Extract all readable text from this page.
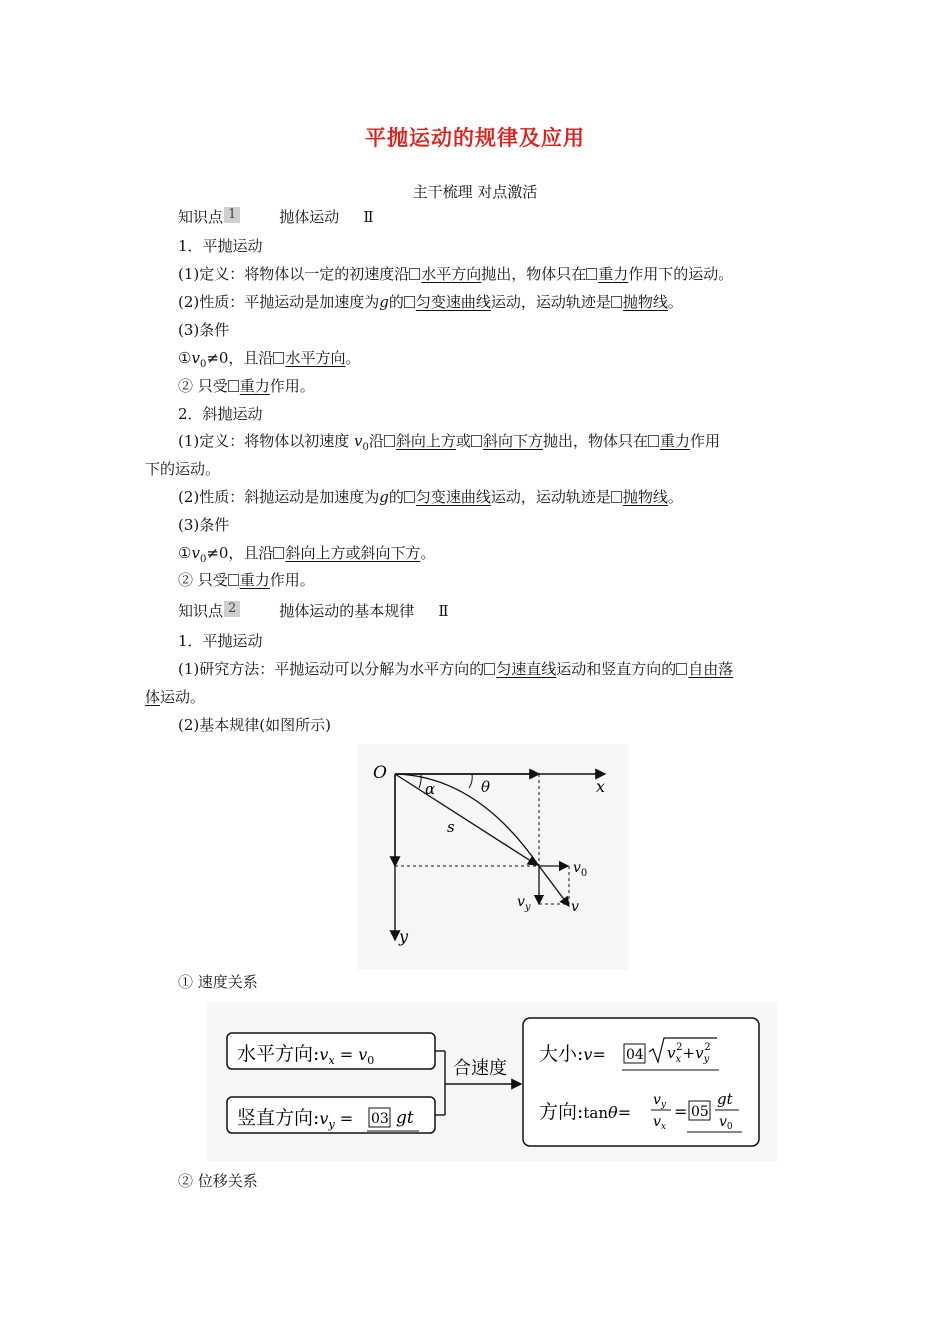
平抛运动的规律及应用
主干梳理 对点激活
知识点 1	抛体运动 Ⅱ
1．平抛运动
(1)定义：将物体以一定的初速度沿 水平方向抛出，物体只在 重力作用下的运动。
(2)性质：平抛运动是加速度为g的 匀变速曲线运动，运动轨迹是 抛物线。
(3)条件
$①v_0\ne 0$，且沿 水平方向。
② 只受 重力作用。
2．斜抛运动
(1)定义：将物体以初速度 $v_0$沿 斜向上方或 斜向下方抛出，物体只在 重力作用
下的运动。
(2)性质：斜抛运动是加速度为g的 匀变速曲线运动，运动轨迹是 抛物线。
(3)条件
$①v_0\ne 0$，且沿 斜向上方或斜向下方。
② 只受 重力作用。
知识点 2	抛体运动的基本规律 Ⅱ
1．平抛运动
(1)研究方法：平抛运动可以分解为水平方向的 匀速直线运动和竖直方向的 自由落
体运动。
(2)基本规律(如图所示)
O
x
y
α	θ
s
$v_0$
$v_y$	v
① 速度关系
水平方向$:v_x$ = $v_0$
竖直方向$:v_y$ = 03 gt
合速度
大小:v= 04 $v_x2+v_y2$
方向:tanθ=
$v_y$
$v_x$
= 05
gt
$v_0$
② 位移关系
